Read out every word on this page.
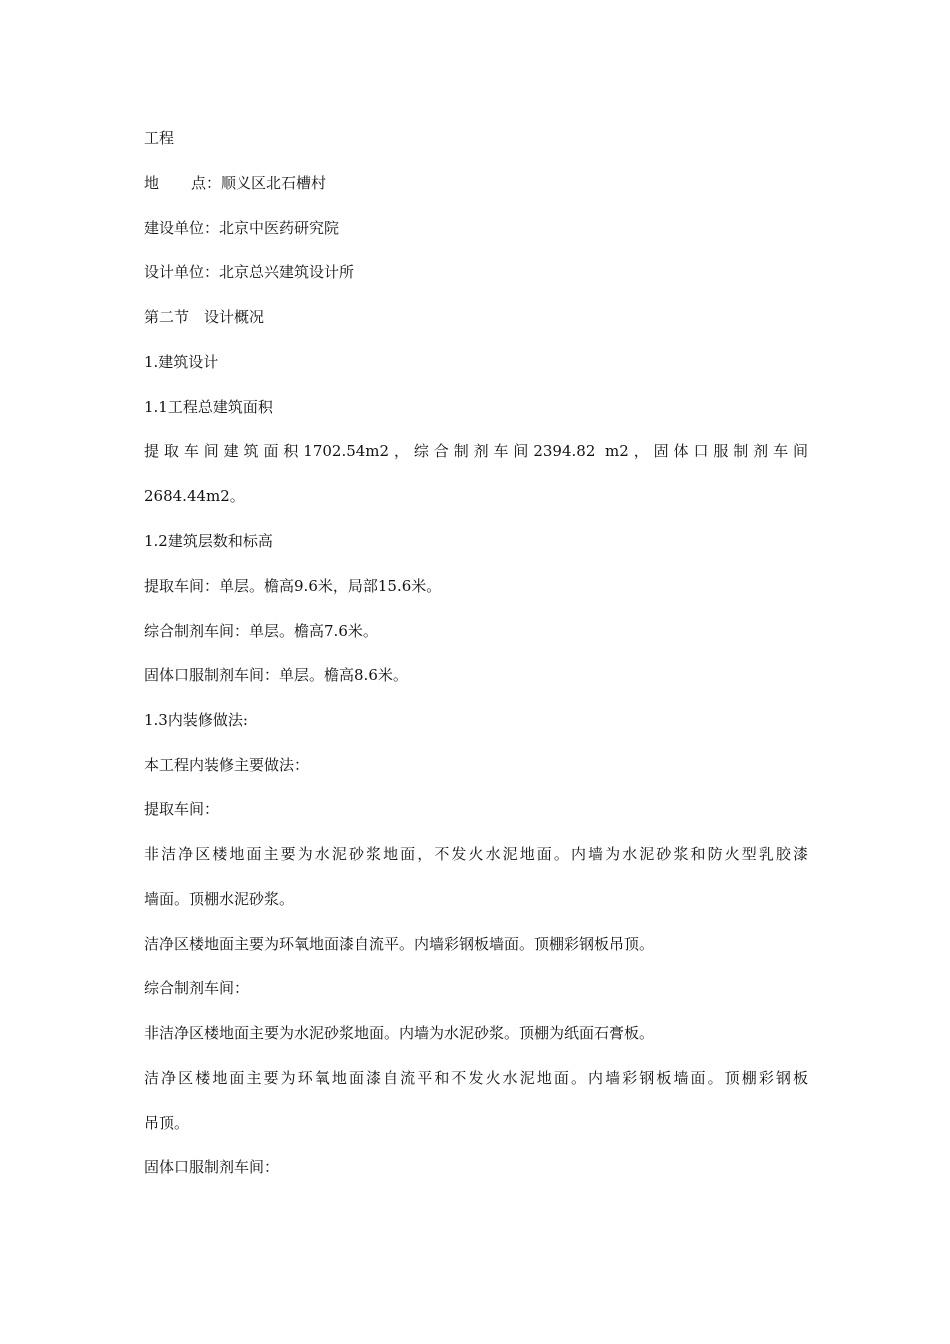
工程
地 点：顺义区北石槽村
建设单位：北京中医药研究院
设计单位：北京总兴建筑设计所
第二节　设计概况
1.建筑设计
1.1工程总建筑面积
提取车间建筑面积1702.54m2，综合制剂车间2394.82 m2，固体口服制剂车间
2684.44m2。
1.2建筑层数和标高
提取车间：单层。檐高9.6米，局部15.6米。
综合制剂车间：单层。檐高7.6米。
固体口服制剂车间：单层。檐高8.6米。
1.3内装修做法:
本工程内装修主要做法：
提取车间：
非洁净区楼地面主要为水泥砂浆地面，不发火水泥地面。内墙为水泥砂浆和防火型乳胶漆
墙面。顶棚水泥砂浆。
洁净区楼地面主要为环氧地面漆自流平。内墙彩钢板墙面。顶棚彩钢板吊顶。
综合制剂车间：
非洁净区楼地面主要为水泥砂浆地面。内墙为水泥砂浆。顶棚为纸面石膏板。
洁净区楼地面主要为环氧地面漆自流平和不发火水泥地面。内墙彩钢板墙面。顶棚彩钢板
吊顶。
固体口服制剂车间：
